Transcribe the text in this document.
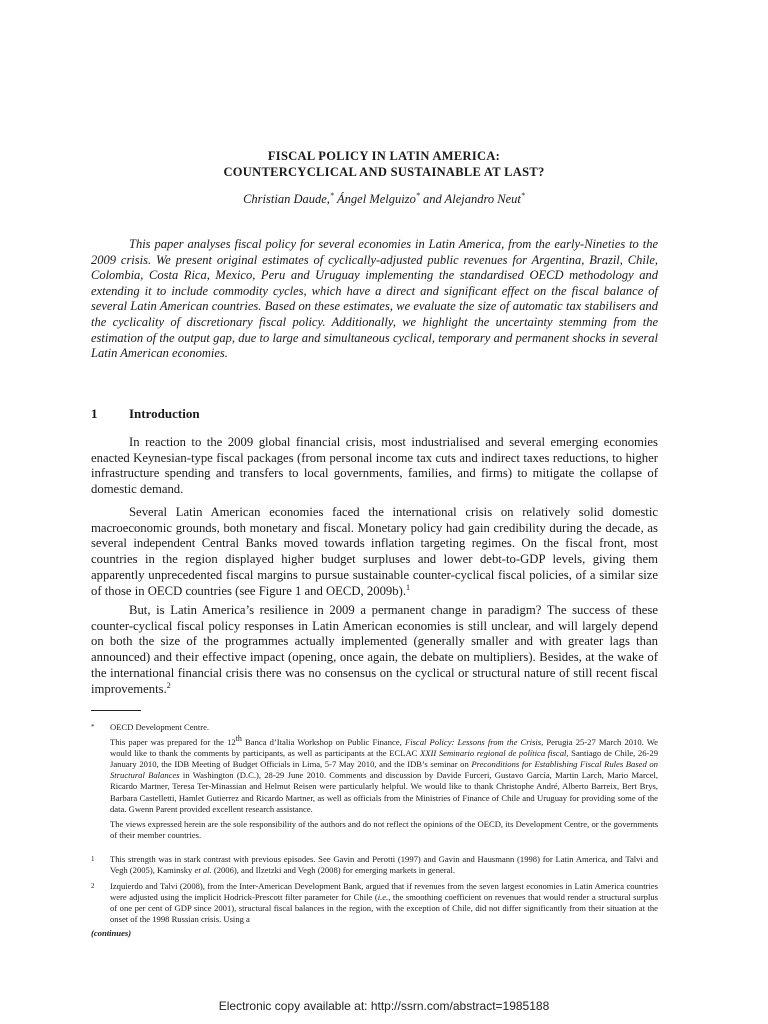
FISCAL POLICY IN LATIN AMERICA:
COUNTERCYCLICAL AND SUSTAINABLE AT LAST?
Christian Daude,* Ángel Melguizo* and Alejandro Neut*

This paper analyses fiscal policy for several economies in Latin America, from the early-Nineties to the 2009 crisis. We present original estimates of cyclically-adjusted public revenues for Argentina, Brazil, Chile, Colombia, Costa Rica, Mexico, Peru and Uruguay implementing the standardised OECD methodology and extending it to include commodity cycles, which have a direct and significant effect on the fiscal balance of several Latin American countries. Based on these estimates, we evaluate the size of automatic tax stabilisers and the cyclicality of discretionary fiscal policy. Additionally, we highlight the uncertainty stemming from the estimation of the output gap, due to large and simultaneous cyclical, temporary and permanent shocks in several Latin American economies.

1 Introduction

In reaction to the 2009 global financial crisis, most industrialised and several emerging economies enacted Keynesian-type fiscal packages (from personal income tax cuts and indirect taxes reductions, to higher infrastructure spending and transfers to local governments, families, and firms) to mitigate the collapse of domestic demand.

Several Latin American economies faced the international crisis on relatively solid domestic macroeconomic grounds, both monetary and fiscal. Monetary policy had gain credibility during the decade, as several independent Central Banks moved towards inflation targeting regimes. On the fiscal front, most countries in the region displayed higher budget surpluses and lower debt-to-GDP levels, giving them apparently unprecedented fiscal margins to pursue sustainable counter-cyclical fiscal policies, of a similar size of those in OECD countries (see Figure 1 and OECD, 2009b).$^1$

But, is Latin America’s resilience in 2009 a permanent change in paradigm? The success of these counter-cyclical fiscal policy responses in Latin American economies is still unclear, and will largely depend on both the size of the programmes actually implemented (generally smaller and with greater lags than announced) and their effective impact (opening, once again, the debate on multipliers). Besides, at the wake of the international financial crisis there was no consensus on the cyclical or structural nature of still recent fiscal improvements.$^2$

* OECD Development Centre.
This paper was prepared for the 12th Banca d’Italia Workshop on Public Finance, Fiscal Policy: Lessons from the Crisis, Perugia 25-27 March 2010. We would like to thank the comments by participants, as well as participants at the ECLAC XXII Seminario regional de política fiscal, Santiago de Chile, 26-29 January 2010, the IDB Meeting of Budget Officials in Lima, 5-7 May 2010, and the IDB’s seminar on Preconditions for Establishing Fiscal Rules Based on Structural Balances in Washington (D.C.), 28-29 June 2010. Comments and discussion by Davide Furceri, Gustavo García, Martin Larch, Mario Marcel, Ricardo Martner, Teresa Ter-Minassian and Helmut Reisen were particularly helpful. We would like to thank Christophe André, Alberto Barreix, Bert Brys, Barbara Castelletti, Hamlet Gutierrez and Ricardo Martner, as well as officials from the Ministries of Finance of Chile and Uruguay for providing some of the data. Gwenn Parent provided excellent research assistance.
The views expressed herein are the sole responsibility of the authors and do not reflect the opinions of the OECD, its Development Centre, or the governments of their member countries.
1 This strength was in stark contrast with previous episodes. See Gavin and Perotti (1997) and Gavin and Hausmann (1998) for Latin America, and Talvi and Vegh (2005), Kaminsky et al. (2006), and Ilzetzki and Vegh (2008) for emerging markets in general.
2 Izquierdo and Talvi (2008), from the Inter-American Development Bank, argued that if revenues from the seven largest economies in Latin America countries were adjusted using the implicit Hodrick-Prescott filter parameter for Chile (i.e., the smoothing coefficient on revenues that would render a structural surplus of one per cent of GDP since 2001), structural fiscal balances in the region, with the exception of Chile, did not differ significantly from their situation at the onset of the 1998 Russian crisis. Using a
(continues)
Electronic copy available at: http://ssrn.com/abstract=1985188
